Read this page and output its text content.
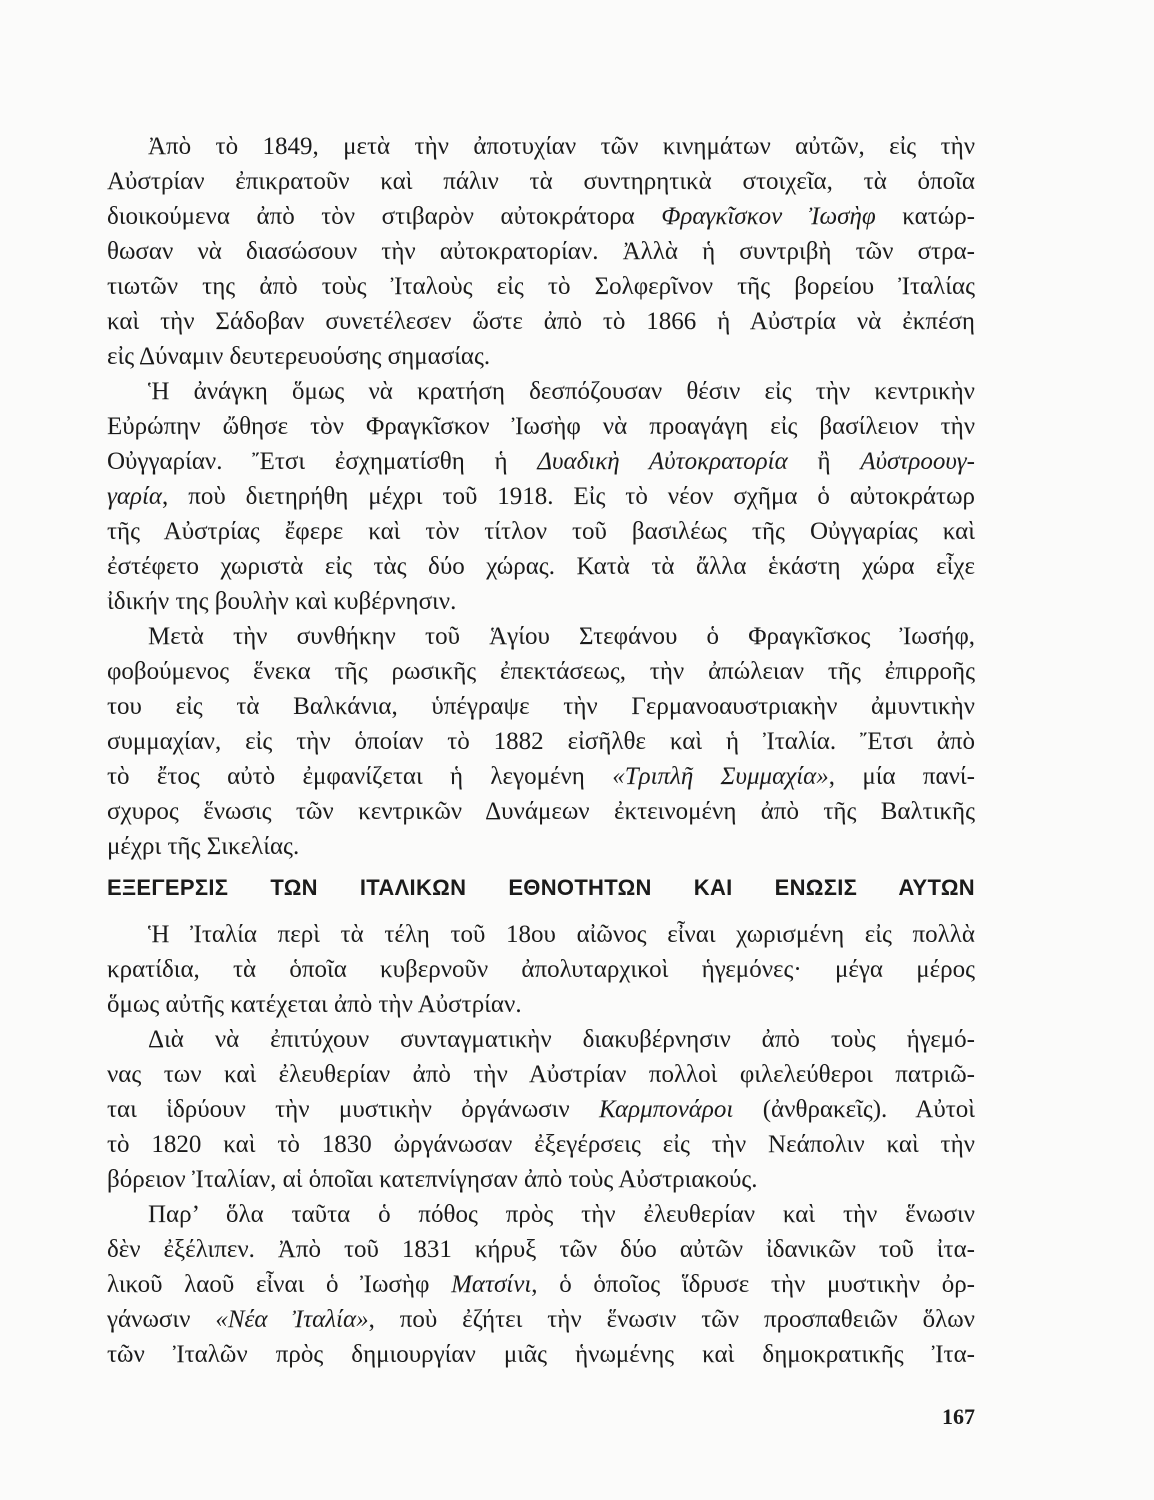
167
Ἀπὸ τὸ 1849, μετὰ τὴν ἀποτυχίαν τῶν κινημάτων αὐτῶν, εἰς τὴν
Αὐστρίαν ἐπικρατοῦν καὶ πάλιν τὰ συντηρητικὰ στοιχεῖα, τὰ ὁποῖα
διοικούμενα ἀπὸ τὸν στιβαρὸν αὐτοκράτορα Φραγκῖσκον Ἰωσὴφ κατώρ-
θωσαν νὰ διασώσουν τὴν αὐτοκρατορίαν. Ἀλλὰ ἡ συντριβὴ τῶν στρα-
τιωτῶν της ἀπὸ τοὺς Ἰταλοὺς εἰς τὸ Σολφερῖνον τῆς βορείου Ἰταλίας
καὶ τὴν Σάδοβαν συνετέλεσεν ὥστε ἀπὸ τὸ 1866 ἡ Αὐστρία νὰ ἐκπέση
εἰς Δύναμιν δευτερευούσης σημασίας.
Ἡ ἀνάγκη ὅμως νὰ κρατήση δεσπόζουσαν θέσιν εἰς τὴν κεντρικὴν
Εὐρώπην ὤθησε τὸν Φραγκῖσκον Ἰωσὴφ νὰ προαγάγη εἰς βασίλειον τὴν
Οὐγγαρίαν. Ἔτσι ἐσχηματίσθη ἡ Δυαδικὴ Αὐτοκρατορία ἢ Αὐστροουγ-
γαρία, ποὺ διετηρήθη μέχρι τοῦ 1918. Εἰς τὸ νέον σχῆμα ὁ αὐτοκράτωρ
τῆς Αὐστρίας ἔφερε καὶ τὸν τίτλον τοῦ βασιλέως τῆς Οὐγγαρίας καὶ
ἐστέφετο χωριστὰ εἰς τὰς δύο χώρας. Κατὰ τὰ ἄλλα ἑκάστη χώρα εἶχε
ἰδικήν της βουλὴν καὶ κυβέρνησιν.
Μετὰ τὴν συνθήκην τοῦ Ἁγίου Στεφάνου ὁ Φραγκῖσκος Ἰωσήφ,
φοβούμενος ἕνεκα τῆς ρωσικῆς ἐπεκτάσεως, τὴν ἀπώλειαν τῆς ἐπιρροῆς
του εἰς τὰ Βαλκάνια, ὑπέγραψε τὴν Γερμανοαυστριακὴν ἀμυντικὴν
συμμαχίαν, εἰς τὴν ὁποίαν τὸ 1882 εἰσῆλθε καὶ ἡ Ἰταλία. Ἔτσι ἀπὸ
τὸ ἔτος αὐτὸ ἐμφανίζεται ἡ λεγομένη «Τριπλῆ Συμμαχία», μία πανί-
σχυρος ἕνωσις τῶν κεντρικῶν Δυνάμεων ἐκτεινομένη ἀπὸ τῆς Βαλτικῆς
μέχρι τῆς Σικελίας.
ΕΞΕΓΕΡΣΙΣ ΤΩΝ ΙΤΑΛΙΚΩΝ ΕΘΝΟΤΗΤΩΝ ΚΑΙ ΕΝΩΣΙΣ ΑΥΤΩΝ
Ἡ Ἰταλία περὶ τὰ τέλη τοῦ 18ου αἰῶνος εἶναι χωρισμένη εἰς πολλὰ
κρατίδια, τὰ ὁποῖα κυβερνοῦν ἀπολυταρχικοὶ ἡγεμόνες· μέγα μέρος
ὅμως αὐτῆς κατέχεται ἀπὸ τὴν Αὐστρίαν.
Διὰ νὰ ἐπιτύχουν συνταγματικὴν διακυβέρνησιν ἀπὸ τοὺς ἡγεμό-
νας των καὶ ἐλευθερίαν ἀπὸ τὴν Αὐστρίαν πολλοὶ φιλελεύθεροι πατριῶ-
ται ἱδρύουν τὴν μυστικὴν ὀργάνωσιν Καρμπονάροι (ἀνθρακεῖς). Αὐτοὶ
τὸ 1820 καὶ τὸ 1830 ὠργάνωσαν ἐξεγέρσεις εἰς τὴν Νεάπολιν καὶ τὴν
βόρειον Ἰταλίαν, αἱ ὁποῖαι κατεπνίγησαν ἀπὸ τοὺς Αὐστριακούς.
Παρ’ ὅλα ταῦτα ὁ πόθος πρὸς τὴν ἐλευθερίαν καὶ τὴν ἕνωσιν
δὲν ἐξέλιπεν. Ἀπὸ τοῦ 1831 κήρυξ τῶν δύο αὐτῶν ἰδανικῶν τοῦ ἰτα-
λικοῦ λαοῦ εἶναι ὁ Ἰωσὴφ Ματσίνι, ὁ ὁποῖος ἵδρυσε τὴν μυστικὴν ὀρ-
γάνωσιν «Νέα Ἰταλία», ποὺ ἐζήτει τὴν ἕνωσιν τῶν προσπαθειῶν ὅλων
τῶν Ἰταλῶν πρὸς δημιουργίαν μιᾶς ἡνωμένης καὶ δημοκρατικῆς Ἰτα-
